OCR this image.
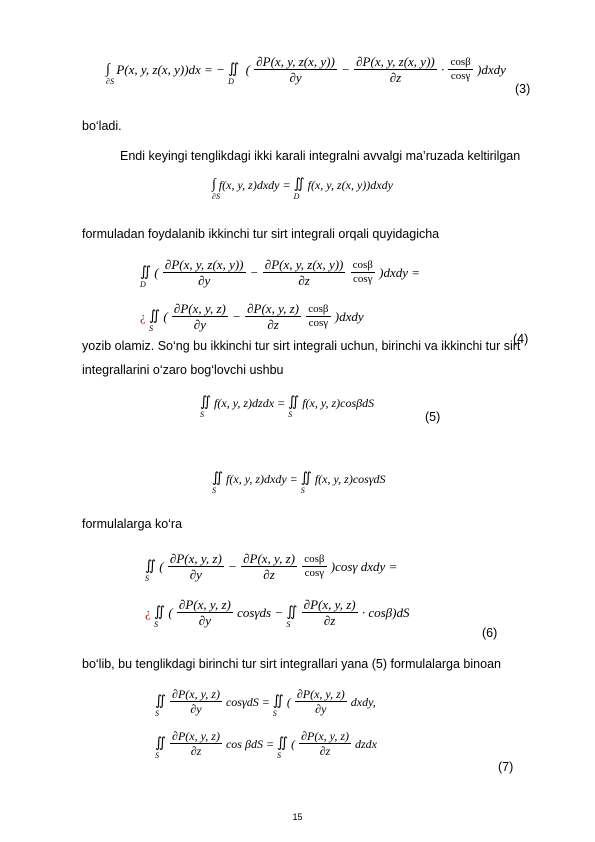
∫
∂S
P(x, y, z(x, y))dx = − ∬
D
( $\frac{\partial P(x, y, z(x, y))}{\partial y} - \frac{\partial P(x, y, z(x, y))}{\partial z} \cdot \frac{\cos\beta}{\cos\gamma}$ )dxdy
(3)
bo‘ladi.
Endi keyingi tenglikdagi ikki karali integralni avvalgi ma’ruzada keltirilgan
∫
∂S
f(x, y, z)dxdy = ∬
D
f(x, y, z(x, y))dxdy
formuladan foydalanib ikkinchi tur sirt integrali orqali quyidagicha
∬
D
( $\frac{\partial P(x, y, z(x, y))}{\partial y} - \frac{\partial P(x, y, z(x, y))}{\partial z}$
$\frac{\cos\beta}{\cos\gamma}$ )dxdy =
¿ ∬
S
( $\frac{\partial P(x, y, z)}{\partial y} - \frac{\partial P(x, y, z)}{\partial z}$
$\frac{\cos\beta}{\cos\gamma}$ )dxdy
(4)
yozib olamiz. So‘ng bu ikkinchi tur sirt integrali uchun, birinchi va ikkinchi tur sirt
integrallarini o‘zaro bog‘lovchi ushbu
∬
S
f(x, y, z)dzdx = ∬
S
f(x, y, z)cosβdS
(5)
∬
S
f(x, y, z)dxdy = ∬
S
f(x, y, z)cosγdS
formulalarga ko‘ra
∬
S
( $\frac{\partial P(x, y, z)}{\partial y} - \frac{\partial P(x, y, z)}{\partial z}$
$\frac{\cos\beta}{\cos\gamma} )\cos\gamma$ dxdy =
¿ ∬
S
( $\frac{\partial P(x, y, z)}{\partial y}$ cosγds − ∬
S
$\frac{\partial P(x, y, z)}{\partial z} \cdot \cos\beta)dS$
(6)
bo‘lib, bu tenglikdagi birinchi tur sirt integrallari yana (5) formulalarga binoan
∬
S
$\frac{\partial P(x, y, z)}{\partial y}$ cosγdS = ∬
S
( $\frac{\partial P(x, y, z)}{\partial y}$ dxdy,
∬
S
$\frac{\partial P(x, y, z)}{\partial z}$ cos βdS = ∬
S
( $\frac{\partial P(x, y, z)}{\partial z}$ dzdx
(7)
15
